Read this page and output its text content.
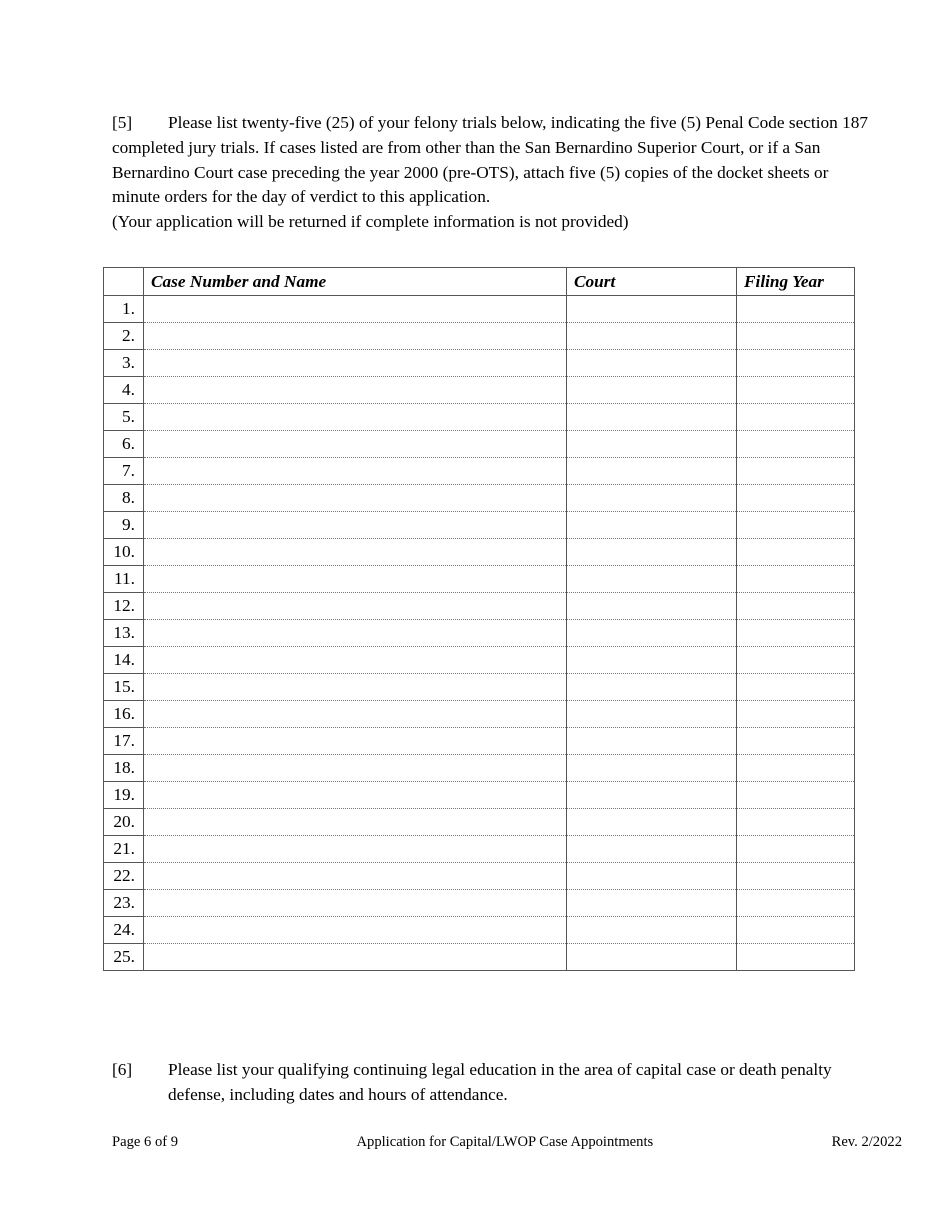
[5] Please list twenty-five (25) of your felony trials below, indicating the five (5) Penal Code section 187 completed jury trials. If cases listed are from other than the San Bernardino Superior Court, or if a San Bernardino Court case preceding the year 2000 (pre-OTS), attach five (5) copies of the docket sheets or minute orders for the day of verdict to this application.
(Your application will be returned if complete information is not provided)

	Case Number and Name	Court	Filing Year
1.			
2.			
3.			
4.			
5.			
6.			
7.			
8.			
9.			
10.			
11.			
12.			
13.			
14.			
15.			
16.			
17.			
18.			
19.			
20.			
21.			
22.			
23.			
24.			
25.			
[6]	Please list your qualifying continuing legal education in the area of capital case or death penalty defense, including dates and hours of attendance.
Page 6 of 9	Application for Capital/LWOP Case Appointments	Rev. 2/2022
